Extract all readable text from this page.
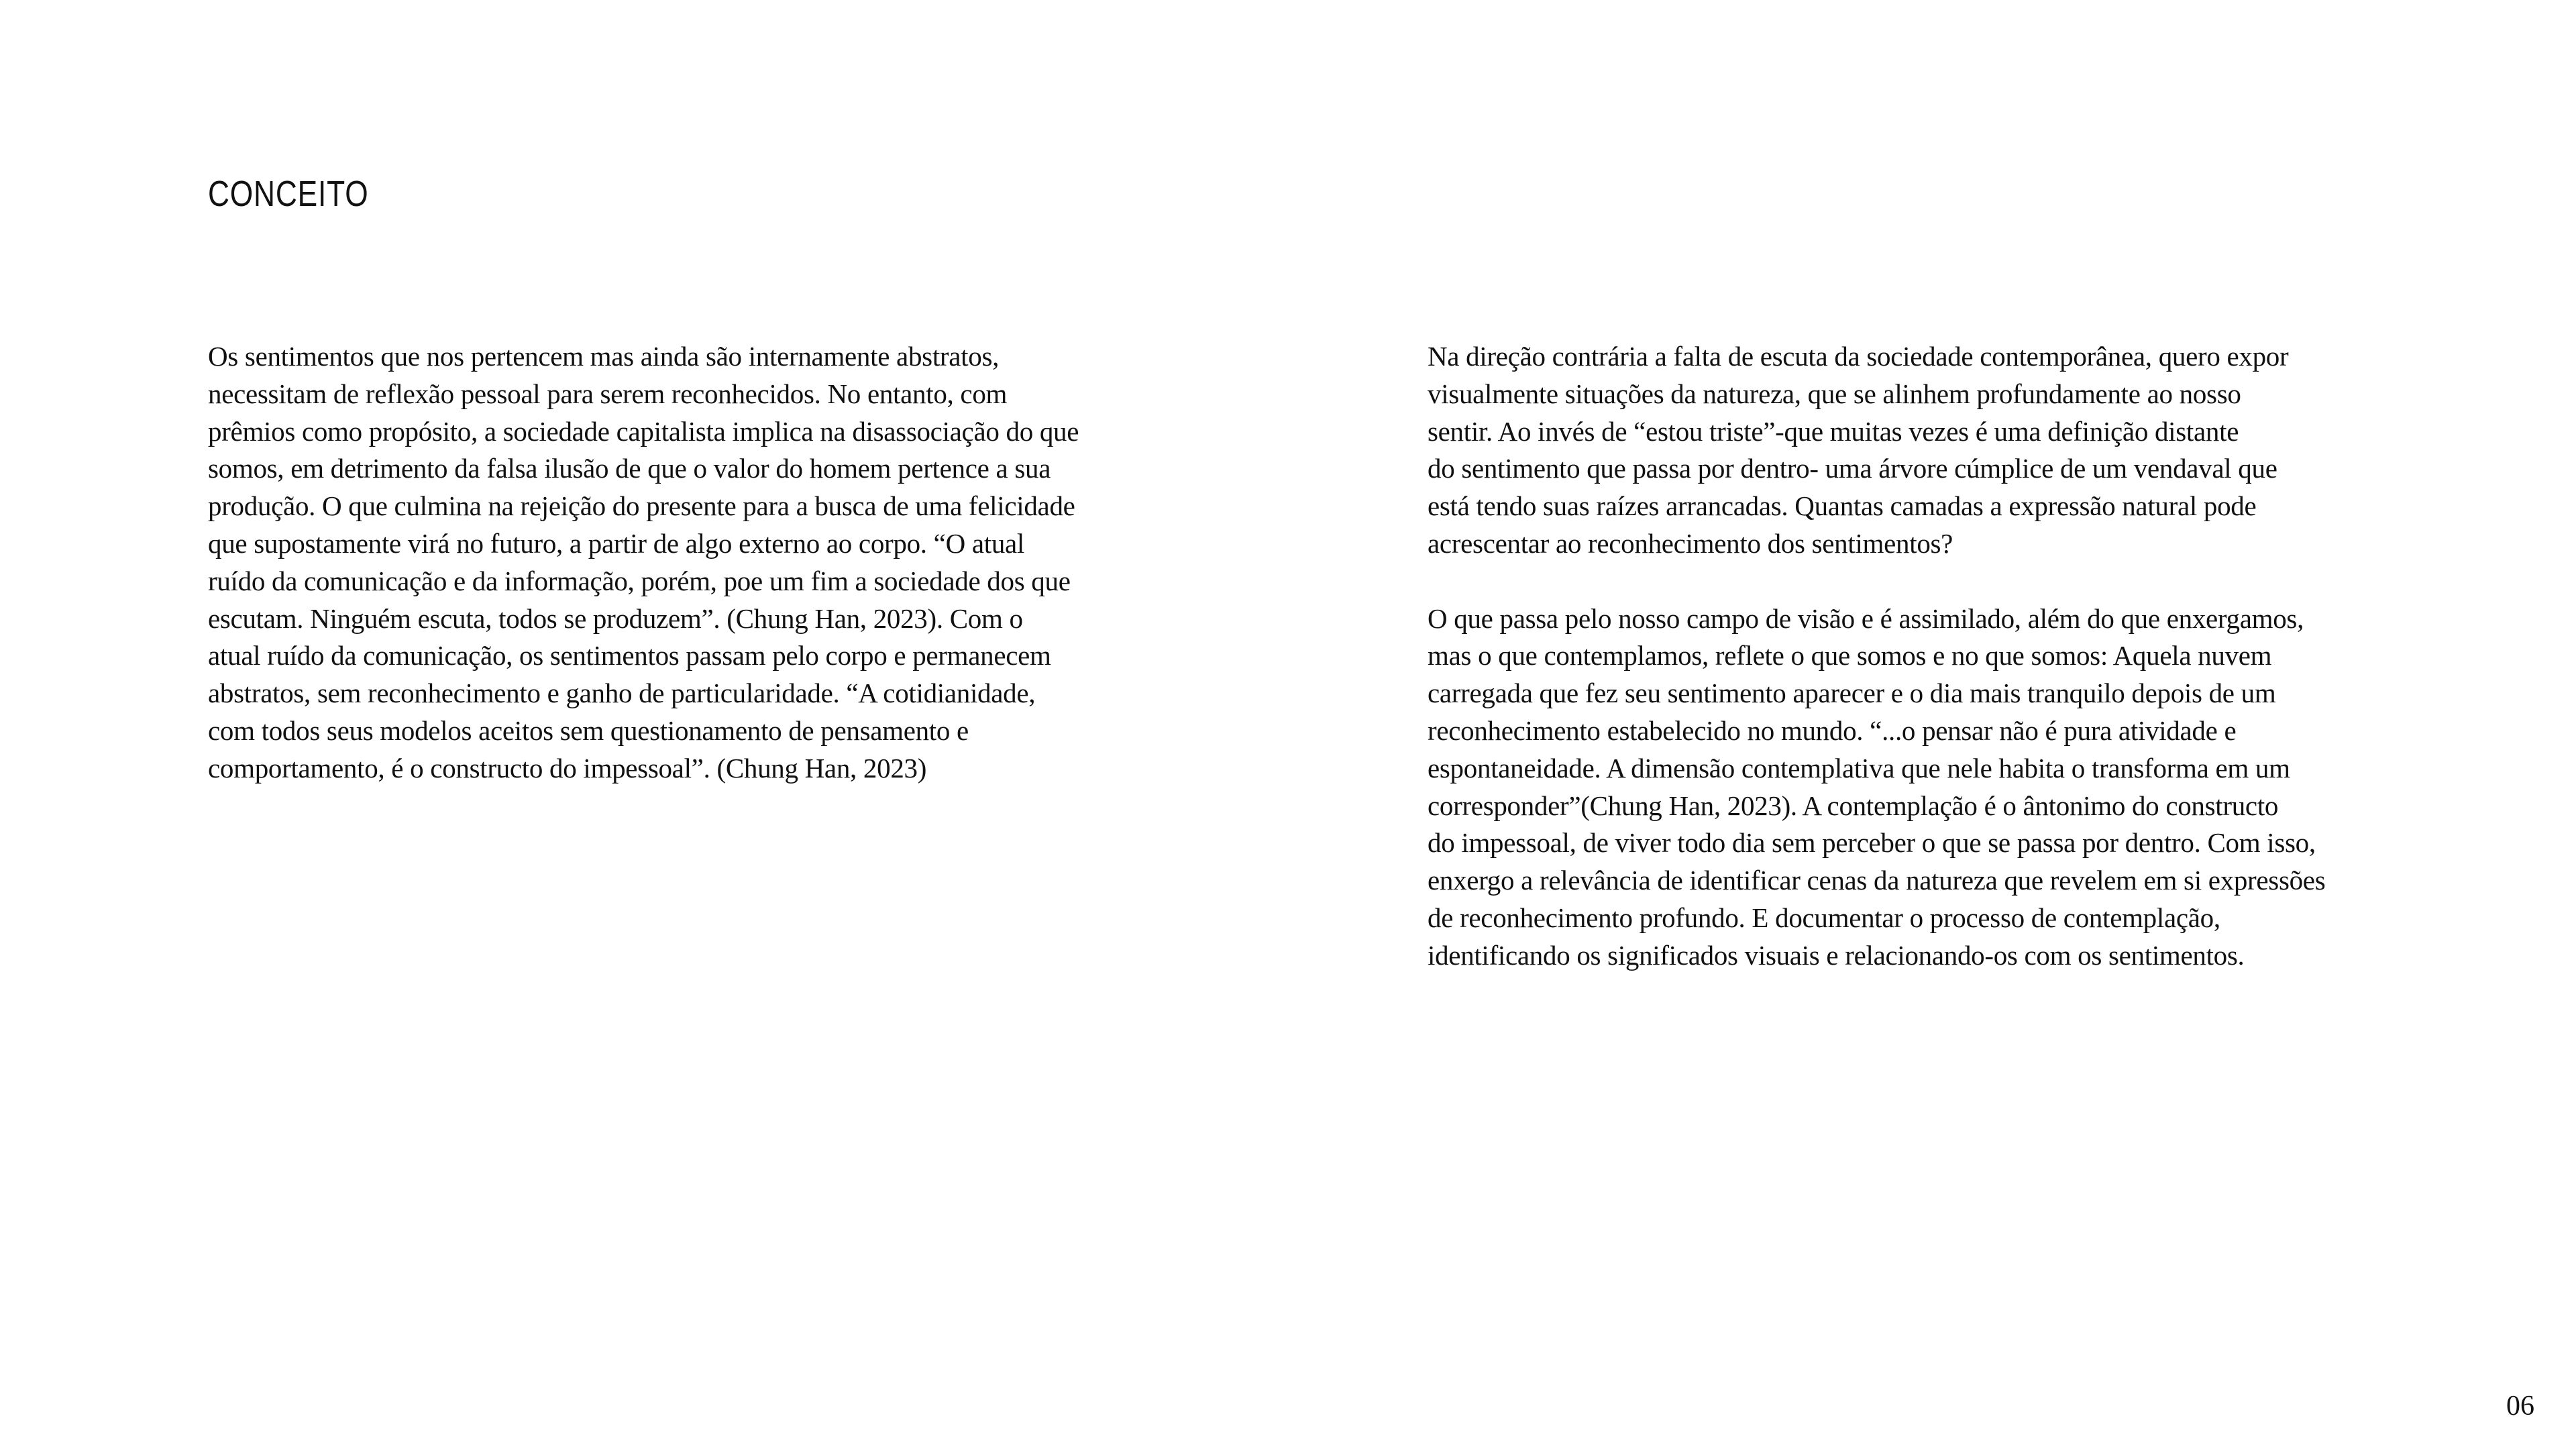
CONCEITO
Os sentimentos que nos pertencem mas ainda são internamente abstratos,
necessitam de reflexão pessoal para serem reconhecidos. No entanto, com
prêmios como propósito, a sociedade capitalista implica na disassociação do que
somos, em detrimento da falsa ilusão de que o valor do homem pertence a sua
produção. O que culmina na rejeição do presente para a busca de uma felicidade
que supostamente virá no futuro, a partir de algo externo ao corpo. “O atual
ruído da comunicação e da informação, porém, poe um fim a sociedade dos que
escutam. Ninguém escuta, todos se produzem”. (Chung Han, 2023). Com o
atual ruído da comunicação, os sentimentos passam pelo corpo e permanecem
abstratos, sem reconhecimento e ganho de particularidade. “A cotidianidade,
com todos seus modelos aceitos sem questionamento de pensamento e
comportamento, é o constructo do impessoal”. (Chung Han, 2023)
Na direção contrária a falta de escuta da sociedade contemporânea, quero expor
visualmente situações da natureza, que se alinhem profundamente ao nosso
sentir. Ao invés de “estou triste”-que muitas vezes é uma definição distante
do sentimento que passa por dentro- uma árvore cúmplice de um vendaval que
está tendo suas raízes arrancadas. Quantas camadas a expressão natural pode
acrescentar ao reconhecimento dos sentimentos?
O que passa pelo nosso campo de visão e é assimilado, além do que enxergamos,
mas o que contemplamos, reflete o que somos e no que somos: Aquela nuvem
carregada que fez seu sentimento aparecer e o dia mais tranquilo depois de um
reconhecimento estabelecido no mundo. “...o pensar não é pura atividade e
espontaneidade. A dimensão contemplativa que nele habita o transforma em um
corresponder”(Chung Han, 2023). A contemplação é o ântonimo do constructo
do impessoal, de viver todo dia sem perceber o que se passa por dentro. Com isso,
enxergo a relevância de identificar cenas da natureza que revelem em si expressões
de reconhecimento profundo. E documentar o processo de contemplação,
identificando os significados visuais e relacionando-os com os sentimentos.
06
